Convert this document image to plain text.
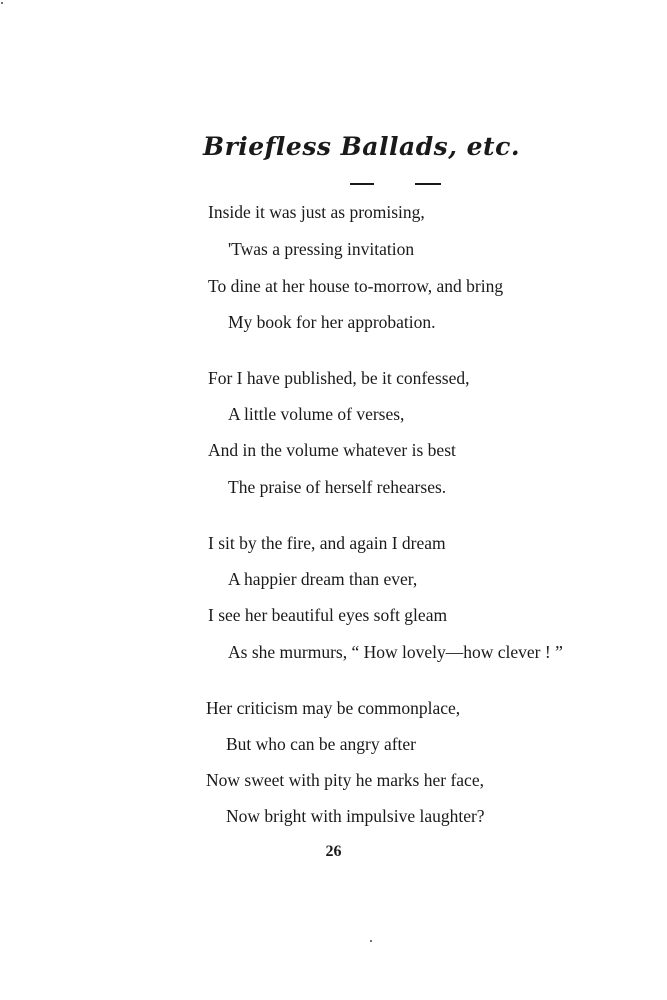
Briefless Ballads, etc.
Inside it was just as promising,
'Twas a pressing invitation
To dine at her house to-morrow, and bring
My book for her approbation.
For I have published, be it confessed,
A little volume of verses,
And in the volume whatever is best
The praise of herself rehearses.
I sit by the fire, and again I dream
A happier dream than ever,
I see her beautiful eyes soft gleam
As she murmurs, “ How lovely—how clever ! ”
Her criticism may be commonplace,
But who can be angry after
Now sweet with pity he marks her face,
Now bright with impulsive laughter?
26
